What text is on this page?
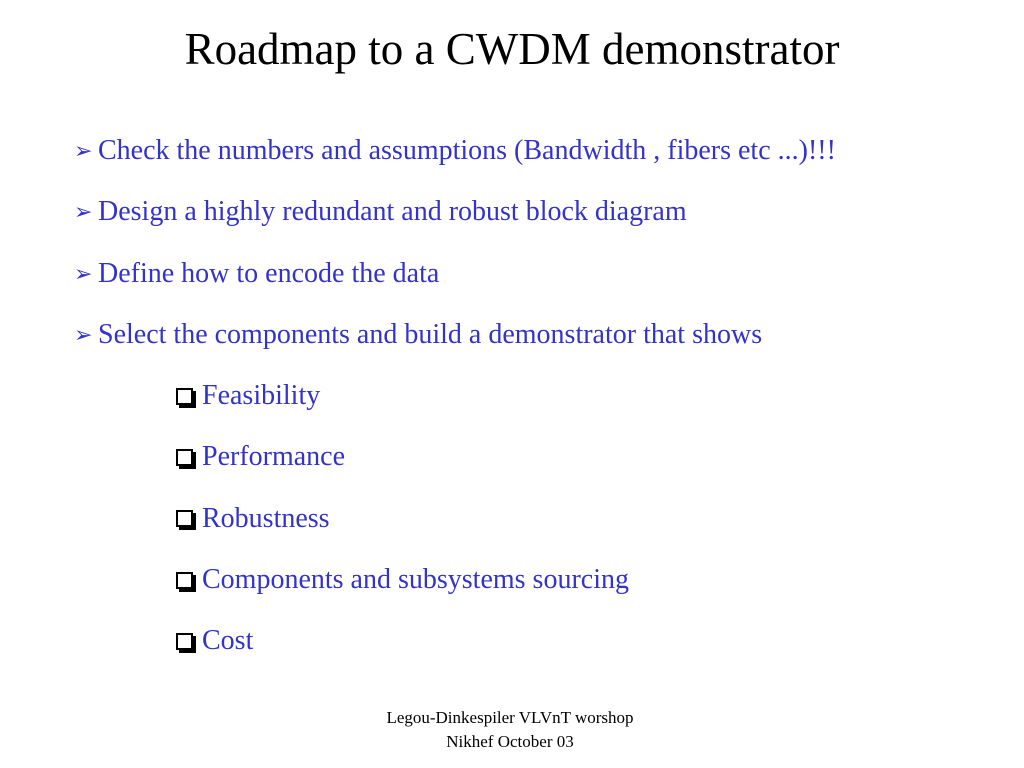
Roadmap to a CWDM demonstrator
➢ Check the numbers and assumptions (Bandwidth , fibers etc ...)!!!
➢ Design a highly redundant and robust block diagram
➢ Define how to encode the data
➢ Select the components and build a demonstrator that shows
Feasibility
Performance
Robustness
Components and subsystems sourcing
Cost
Legou-Dinkespiler VLVnT worshop
Nikhef October 03
